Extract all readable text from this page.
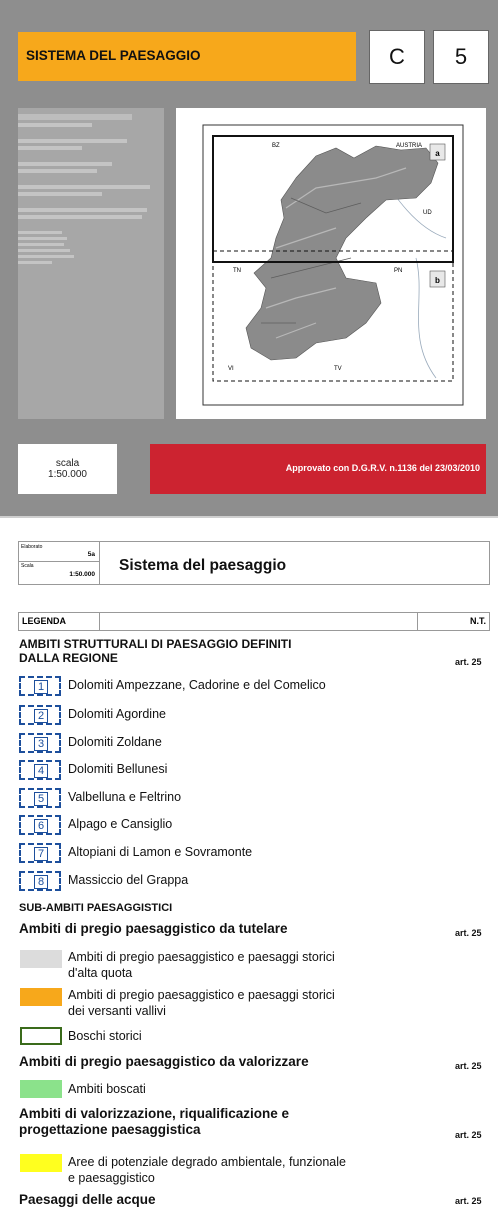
SISTEMA DEL PAESAGGIO	C	5
a
b
BZ	AUSTRIA
UD
TN	PN
VI	TV
scala
1:50.000
Approvato con D.G.R.V. n.1136 del 23/03/2010
Elaborato
5a
Scala
1:50.000
Sistema del paesaggio
LEGENDA	N.T.
AMBITI STRUTTURALI DI PAESAGGIO DEFINITI
DALLA REGIONE	art. 25
1	Dolomiti Ampezzane, Cadorine e del Comelico
2	Dolomiti Agordine
3	Dolomiti Zoldane
4	Dolomiti Bellunesi
5	Valbelluna e Feltrino
6	Alpago e Cansiglio
7	Altopiani di Lamon e Sovramonte
8	Massiccio del Grappa
SUB-AMBITI PAESAGGISTICI
Ambiti di pregio paesaggistico da tutelare	art. 25
Ambiti di pregio paesaggistico e paesaggi storici
d'alta quota
Ambiti di pregio paesaggistico e paesaggi storici
dei versanti vallivi
Boschi storici
Ambiti di pregio paesaggistico da valorizzare	art. 25
Ambiti boscati
Ambiti di valorizzazione, riqualificazione e
progettazione paesaggistica	art. 25
Aree di potenziale degrado ambientale, funzionale
e paesaggistico
Paesaggi delle acque	art. 25
